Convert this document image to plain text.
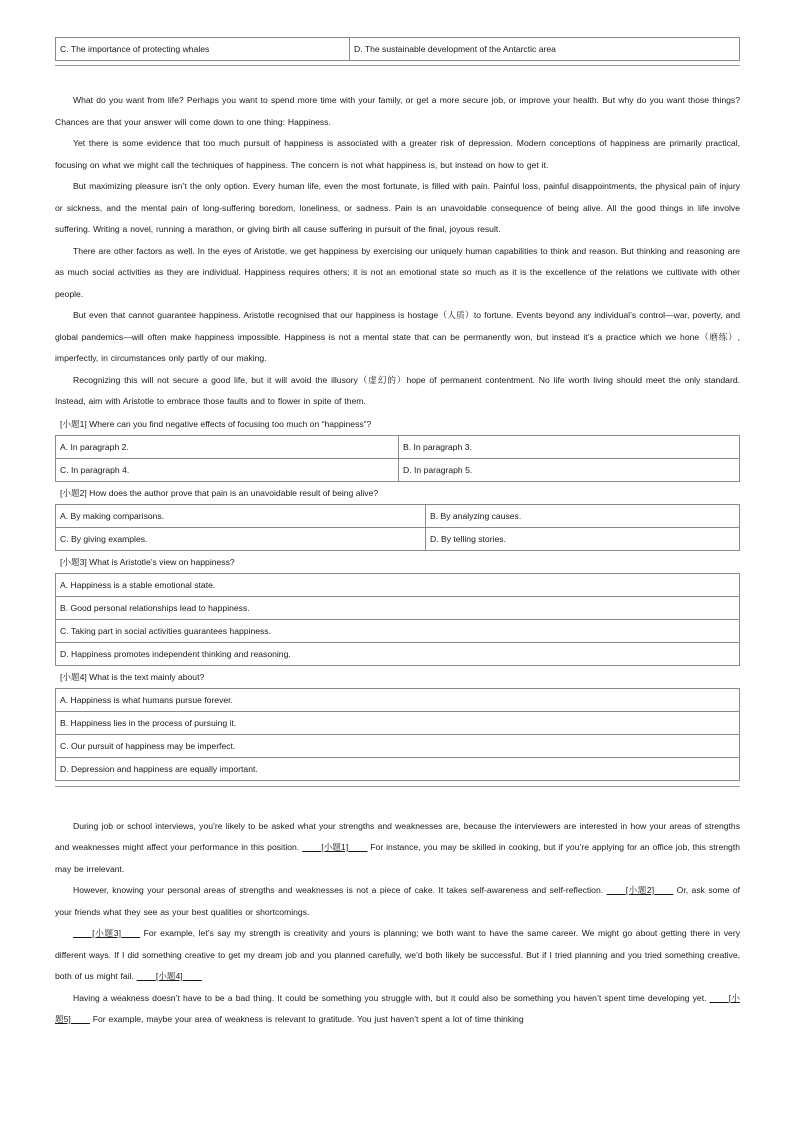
C. The importance of protecting whales	D. The sustainable development of the Antarctic area

What do you want from life? Perhaps you want to spend more time with your family, or get a more secure job, or improve your health. But why do you want those things? Chances are that your answer will come down to one thing: Happiness.

Yet there is some evidence that too much pursuit of happiness is associated with a greater risk of depression. Modern conceptions of happiness are primarily practical, focusing on what we might call the techniques of happiness. The concern is not what happiness is, but instead on how to get it.

But maximizing pleasure isn’t the only option. Every human life, even the most fortunate, is filled with pain. Painful loss, painful disappointments, the physical pain of injury or sickness, and the mental pain of long-suffering boredom, loneliness, or sadness. Pain is an unavoidable consequence of being alive. All the good things in life involve suffering. Writing a novel, running a marathon, or giving birth all cause suffering in pursuit of the final, joyous result.

There are other factors as well. In the eyes of Aristotle, we get happiness by exercising our uniquely human capabilities to think and reason. But thinking and reasoning are as much social activities as they are individual. Happiness requires others; it is not an emotional state so much as it is the excellence of the relations we cultivate with other people.

But even that cannot guarantee happiness. Aristotle recognised that our happiness is hostage（人质）to fortune. Events beyond any individual’s control—war, poverty, and global pandemics—will often make happiness impossible. Happiness is not a mental state that can be permanently won, but instead it’s a practice which we hone（磨练）, imperfectly, in circumstances only partly of our making.

Recognizing this will not secure a good life, but it will avoid the illusory（虚幻的）hope of permanent contentment. No life worth living should meet the only standard. Instead, aim with Aristotle to embrace those faults and to flower in spite of them.

[小题1] Where can you find negative effects of focusing too much on “happiness”?
A. In paragraph 2.	B. In paragraph 3.
C. In paragraph 4.	D. In paragraph 5.
[小题2] How does the author prove that pain is an unavoidable result of being alive?
A. By making comparisons.	B. By analyzing causes.
C. By giving examples.	D. By telling stories.
[小题3] What is Aristotle’s view on happiness?
A. Happiness is a stable emotional state.
B. Good personal relationships lead to happiness.
C. Taking part in social activities guarantees happiness.
D. Happiness promotes independent thinking and reasoning.
[小题4] What is the text mainly about?
A. Happiness is what humans pursue forever.
B. Happiness lies in the process of pursuing it.
C. Our pursuit of happiness may be imperfect.
D. Depression and happiness are equally important.

During job or school interviews, you’re likely to be asked what your strengths and weaknesses are, because the interviewers are interested in how your areas of strengths and weaknesses might affect your performance in this position. ____[小题1]____ For instance, you may be skilled in cooking, but if you’re applying for an office job, this strength may be irrelevant.

However, knowing your personal areas of strengths and weaknesses is not a piece of cake. It takes self-awareness and self-reflection. ____[小题2]____ Or, ask some of your friends what they see as your best qualities or shortcomings.

____[小题3]____ For example, let’s say my strength is creativity and yours is planning; we both want to have the same career. We might go about getting there in very different ways. If I did something creative to get my dream job and you planned carefully, we’d both likely be successful. But if I tried planning and you tried something creative, both of us might fail. ____[小题4]____

Having a weakness doesn’t have to be a bad thing. It could be something you struggle with, but it could also be something you haven’t spent time developing yet. ____[小题5]____ For example, maybe your area of weakness is relevant to gratitude. You just haven’t spent a lot of time thinking
